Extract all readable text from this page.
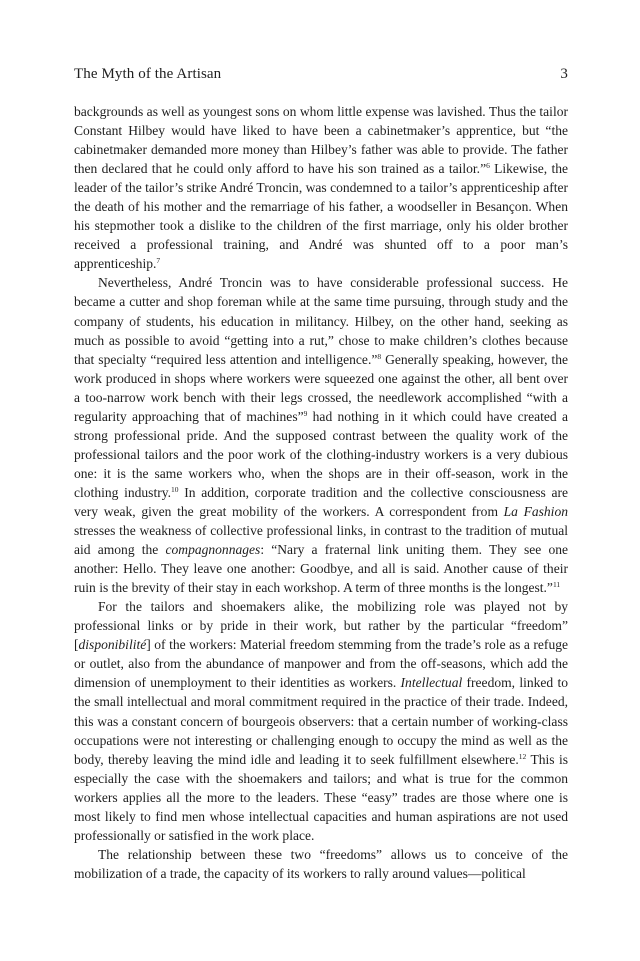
The Myth of the Artisan	3

backgrounds as well as youngest sons on whom little expense was lavished. Thus the tailor Constant Hilbey would have liked to have been a cabinetmaker’s apprentice, but “the cabinetmaker demanded more money than Hilbey’s father was able to provide. The father then declared that he could only afford to have his son trained as a tailor.”$^6$ Likewise, the leader of the tailor’s strike André Troncin, was condemned to a tailor’s apprenticeship after the death of his mother and the remarriage of his father, a woodseller in Besançon. When his stepmother took a dislike to the children of the first marriage, only his older brother received a professional training, and André was shunted off to a poor man’s apprenticeship.$^7$

Nevertheless, André Troncin was to have considerable professional success. He became a cutter and shop foreman while at the same time pursuing, through study and the company of students, his education in militancy. Hilbey, on the other hand, seeking as much as possible to avoid “getting into a rut,” chose to make children’s clothes because that specialty “required less attention and intelligence.”$^8$ Generally speaking, however, the work produced in shops where workers were squeezed one against the other, all bent over a too-narrow work bench with their legs crossed, the needlework accomplished “with a regularity approaching that of machines”$^9$ had nothing in it which could have created a strong professional pride. And the supposed contrast between the quality work of the professional tailors and the poor work of the clothing-industry workers is a very dubious one: it is the same workers who, when the shops are in their off-season, work in the clothing industry.$^{10}$ In addition, corporate tradition and the collective consciousness are very weak, given the great mobility of the workers. A correspondent from La Fashion stresses the weakness of collective professional links, in contrast to the tradition of mutual aid among the compagnonnages: “Nary a fraternal link uniting them. They see one another: Hello. They leave one another: Goodbye, and all is said. Another cause of their ruin is the brevity of their stay in each workshop. A term of three months is the longest.”$^{11}$

For the tailors and shoemakers alike, the mobilizing role was played not by professional links or by pride in their work, but rather by the particular “freedom” [disponibilité] of the workers: Material freedom stemming from the trade’s role as a refuge or outlet, also from the abundance of manpower and from the off-seasons, which add the dimension of unemployment to their identities as workers. Intellectual freedom, linked to the small intellectual and moral commitment required in the practice of their trade. Indeed, this was a constant concern of bourgeois observers: that a certain number of working-class occupations were not interesting or challenging enough to occupy the mind as well as the body, thereby leaving the mind idle and leading it to seek fulfillment elsewhere.$^{12}$ This is especially the case with the shoemakers and tailors; and what is true for the common workers applies all the more to the leaders. These “easy” trades are those where one is most likely to find men whose intellectual capacities and human aspirations are not used professionally or satisfied in the work place.

The relationship between these two “freedoms” allows us to conceive of the mobilization of a trade, the capacity of its workers to rally around values—political
